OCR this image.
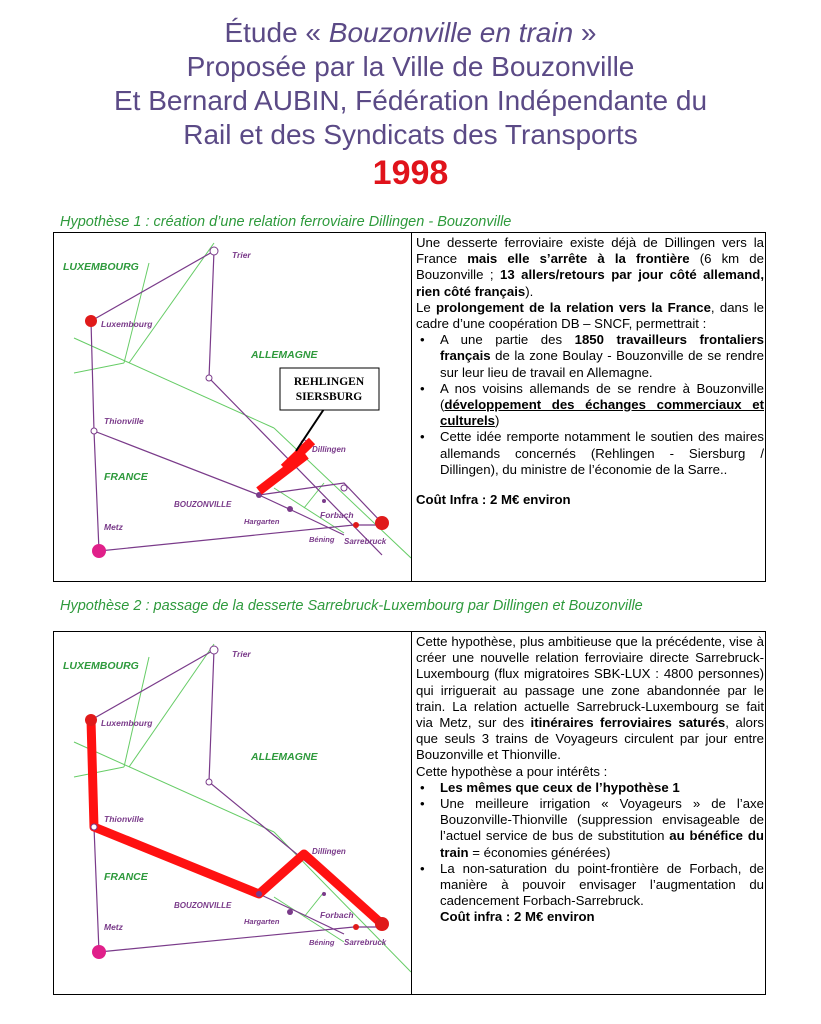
Étude « Bouzonville en train »
Proposée par la Ville de Bouzonville
Et Bernard AUBIN, Fédération Indépendante du
Rail et des Syndicats des Transports
1998
Hypothèse 1 : création d’une relation ferroviaire Dillingen - Bouzonville
LUXEMBOURG
ALLEMAGNE
FRANCE
Trier
Luxembourg
Thionville
Dillingen
BOUZONVILLE
Hargarten
Forbach
Béning Sarrebruck
Metz
REHLINGEN
SIERSBURG

Une desserte ferroviaire existe déjà de Dillingen vers la France mais elle s’arrête à la frontière (6 km de Bouzonville ; 13 allers/retours par jour côté allemand, rien côté français).

Le prolongement de la relation vers la France, dans le cadre d’une coopération DB – SNCF, permettrait :

• A une partie des 1850 travailleurs frontaliers français de la zone Boulay - Bouzonville de se rendre sur leur lieu de travail en Allemagne.
• A nos voisins allemands de se rendre à Bouzonville (développement des échanges commerciaux et culturels)
• Cette idée remporte notamment le soutien des maires allemands concernés (Rehlingen - Siersburg / Dillingen), du ministre de l’économie de la Sarre..

Coût Infra : 2 M€ environ

Hypothèse 2 : passage de la desserte Sarrebruck-Luxembourg par Dillingen et Bouzonville
LUXEMBOURG
ALLEMAGNE
FRANCE
Trier
Luxembourg
Thionville
Dillingen
BOUZONVILLE
Hargarten
Forbach
Béning Sarrebruck
Metz

Cette hypothèse, plus ambitieuse que la précédente, vise à créer une nouvelle relation ferroviaire directe Sarrebruck-Luxembourg (flux migratoires SBK-LUX : 4800 personnes) qui irriguerait au passage une zone abandonnée par le train. La relation actuelle Sarrebruck-Luxembourg se fait via Metz, sur des itinéraires ferroviaires saturés, alors que seuls 3 trains de Voyageurs circulent par jour entre Bouzonville et Thionville.

Cette hypothèse a pour intérêts :

• Les mêmes que ceux de l’hypothèse 1
• Une meilleure irrigation « Voyageurs » de l’axe Bouzonville-Thionville (suppression envisageable de l’actuel service de bus de substitution au bénéfice du train = économies générées)
• La non-saturation du point-frontière de Forbach, de manière à pouvoir envisager l’augmentation du cadencement Forbach-Sarrebruck.
Coût infra : 2 M€ environ
